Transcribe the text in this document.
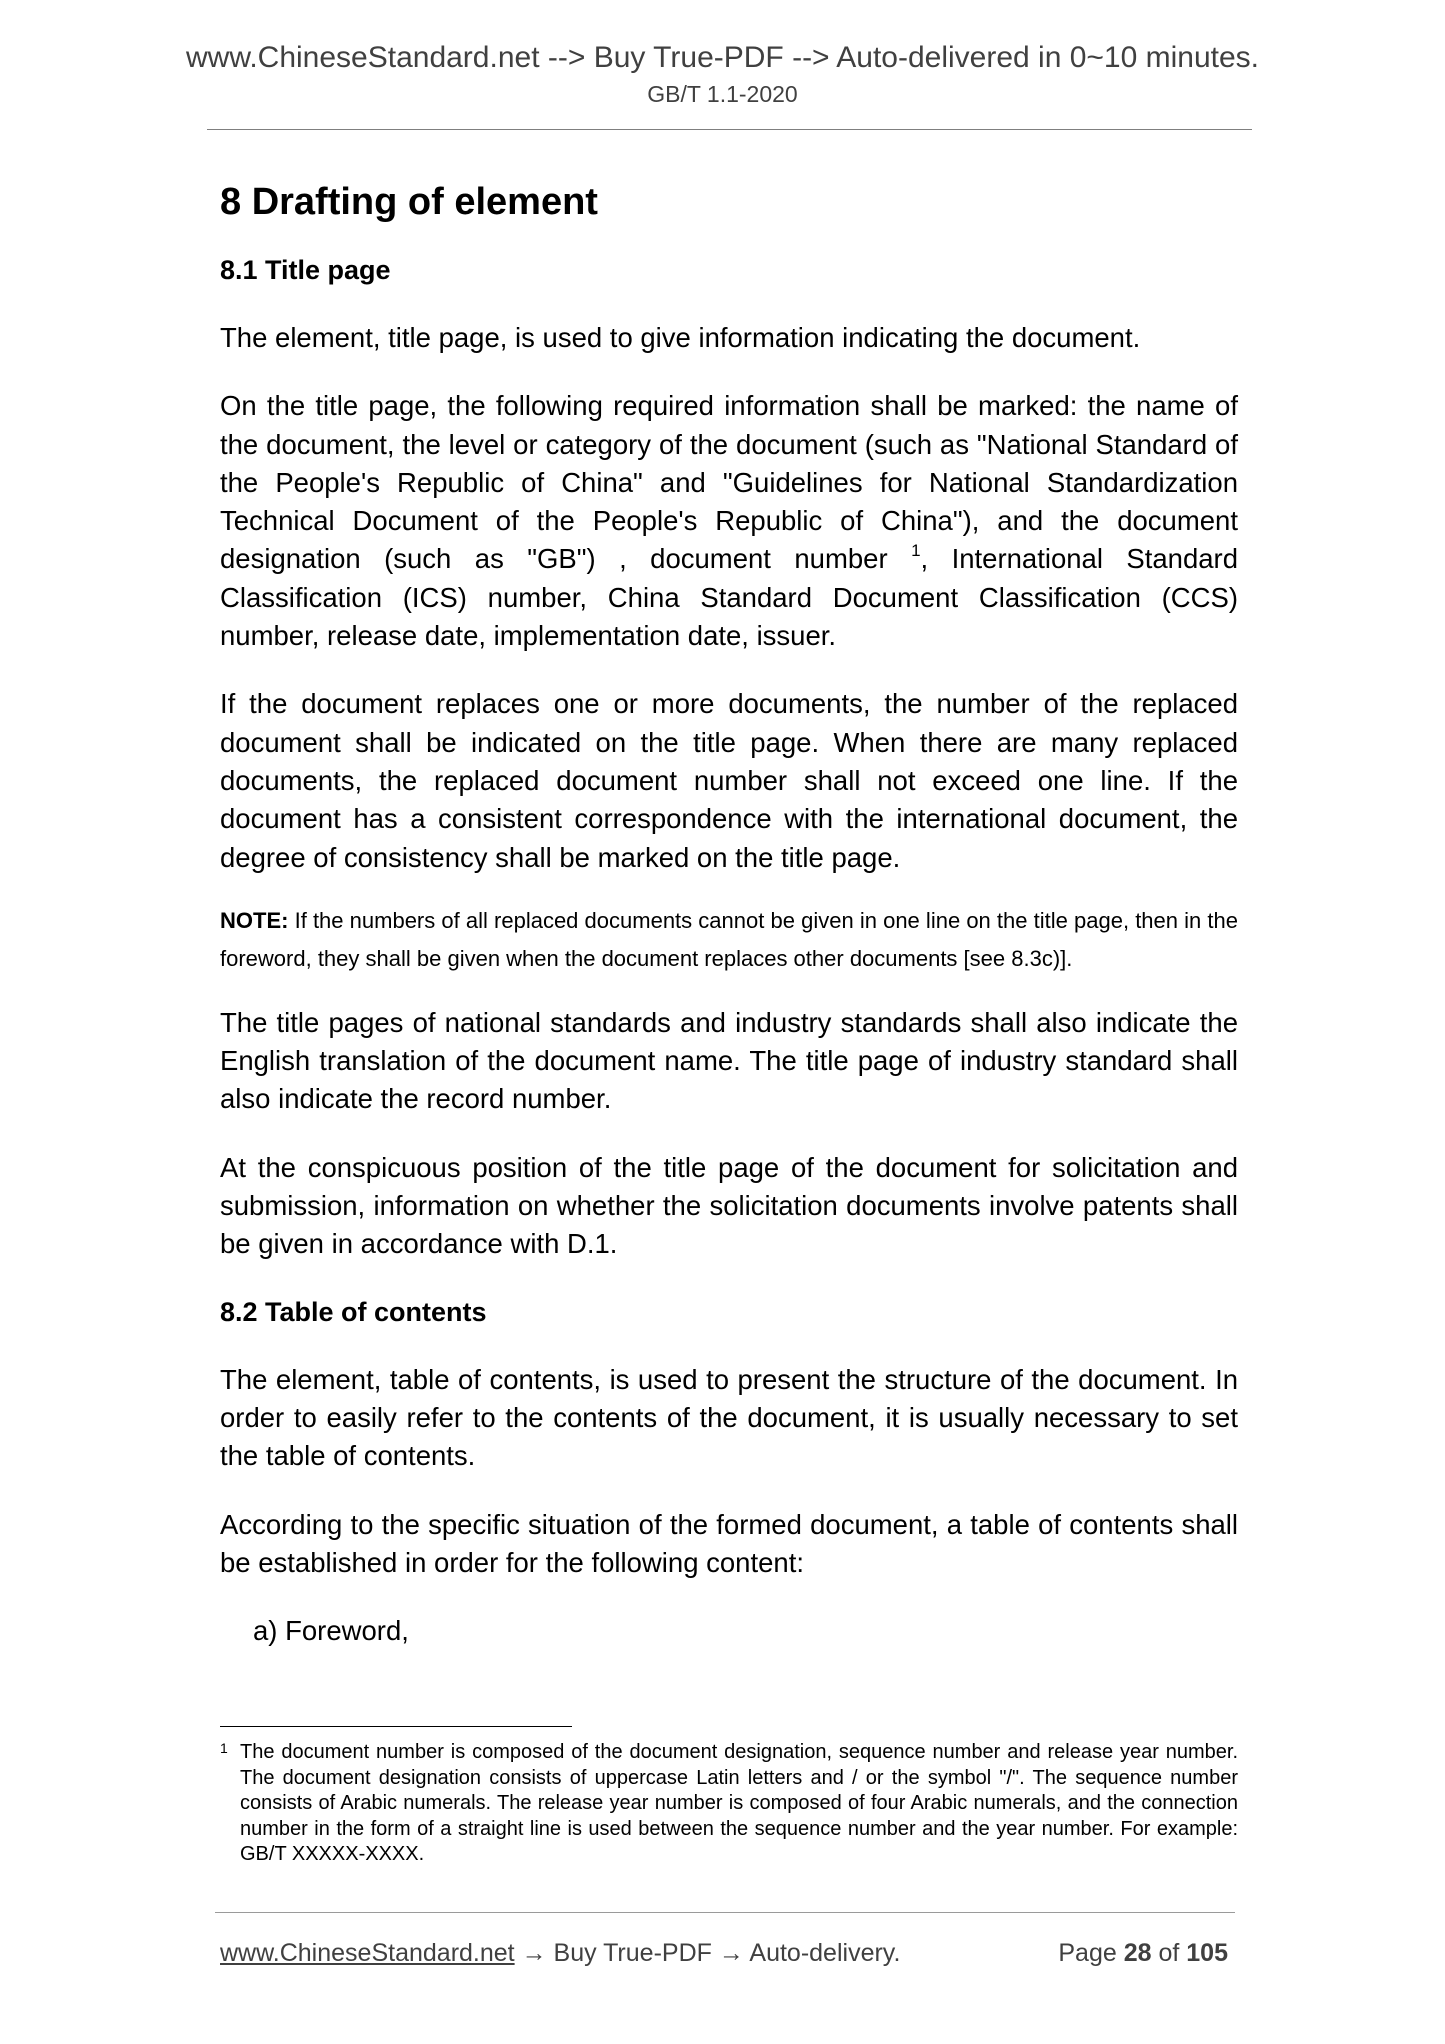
www.ChineseStandard.net --> Buy True-PDF --> Auto-delivered in 0~10 minutes.
GB/T 1.1-2020
8 Drafting of element
8.1 Title page

The element, title page, is used to give information indicating the document.

On the title page, the following required information shall be marked: the name of the document, the level or category of the document (such as "National Standard of the People's Republic of China" and "Guidelines for National Standardization Technical Document of the People's Republic of China"), and the document designation (such as "GB") , document number $^1$, International Standard Classification (ICS) number, China Standard Document Classification (CCS) number, release date, implementation date, issuer.

If the document replaces one or more documents, the number of the replaced document shall be indicated on the title page. When there are many replaced documents, the replaced document number shall not exceed one line. If the document has a consistent correspondence with the international document, the degree of consistency shall be marked on the title page.

NOTE: If the numbers of all replaced documents cannot be given in one line on the title page, then in the foreword, they shall be given when the document replaces other documents [see 8.3c)].

The title pages of national standards and industry standards shall also indicate the English translation of the document name. The title page of industry standard shall also indicate the record number.

At the conspicuous position of the title page of the document for solicitation and submission, information on whether the solicitation documents involve patents shall be given in accordance with D.1.

8.2 Table of contents

The element, table of contents, is used to present the structure of the document. In order to easily refer to the contents of the document, it is usually necessary to set the table of contents.

According to the specific situation of the formed document, a table of contents shall be established in order for the following content:

a) Foreword,

1 The document number is composed of the document designation, sequence number and release year number. The document designation consists of uppercase Latin letters and / or the symbol "/". The sequence number consists of Arabic numerals. The release year number is composed of four Arabic numerals, and the connection number in the form of a straight line is used between the sequence number and the year number. For example: GB/T XXXXX-XXXX.
www.ChineseStandard.net → Buy True-PDF → Auto-delivery.	Page 28 of 105
